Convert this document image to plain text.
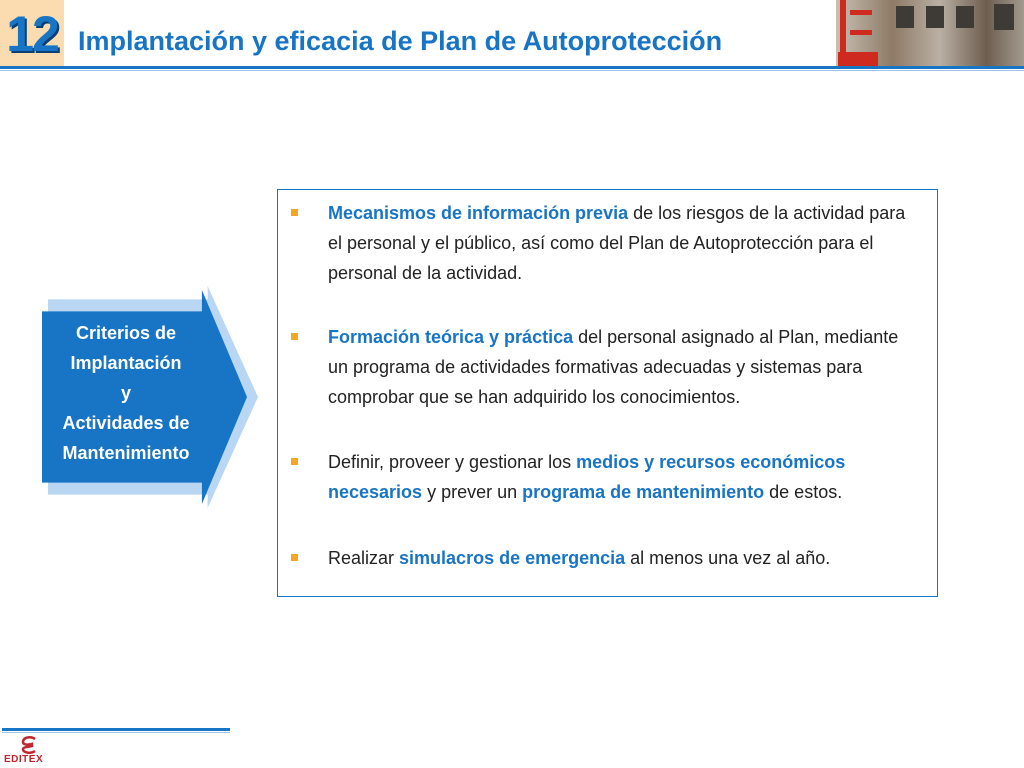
12 Implantación y eficacia de Plan de Autoprotección
Criterios de
Implantación
y
Actividades de
Mantenimiento
Mecanismos de información previa de los riesgos de la actividad para el personal y el público, así como del Plan de Autoprotección para el personal de la actividad.
Formación teórica y práctica del personal asignado al Plan, mediante un programa de actividades formativas adecuadas y sistemas para comprobar que se han adquirido los conocimientos.
Definir, proveer y gestionar los medios y recursos económicos necesarios y prever un programa de mantenimiento de estos.
Realizar simulacros de emergencia al menos una vez al año.
EDITEX
